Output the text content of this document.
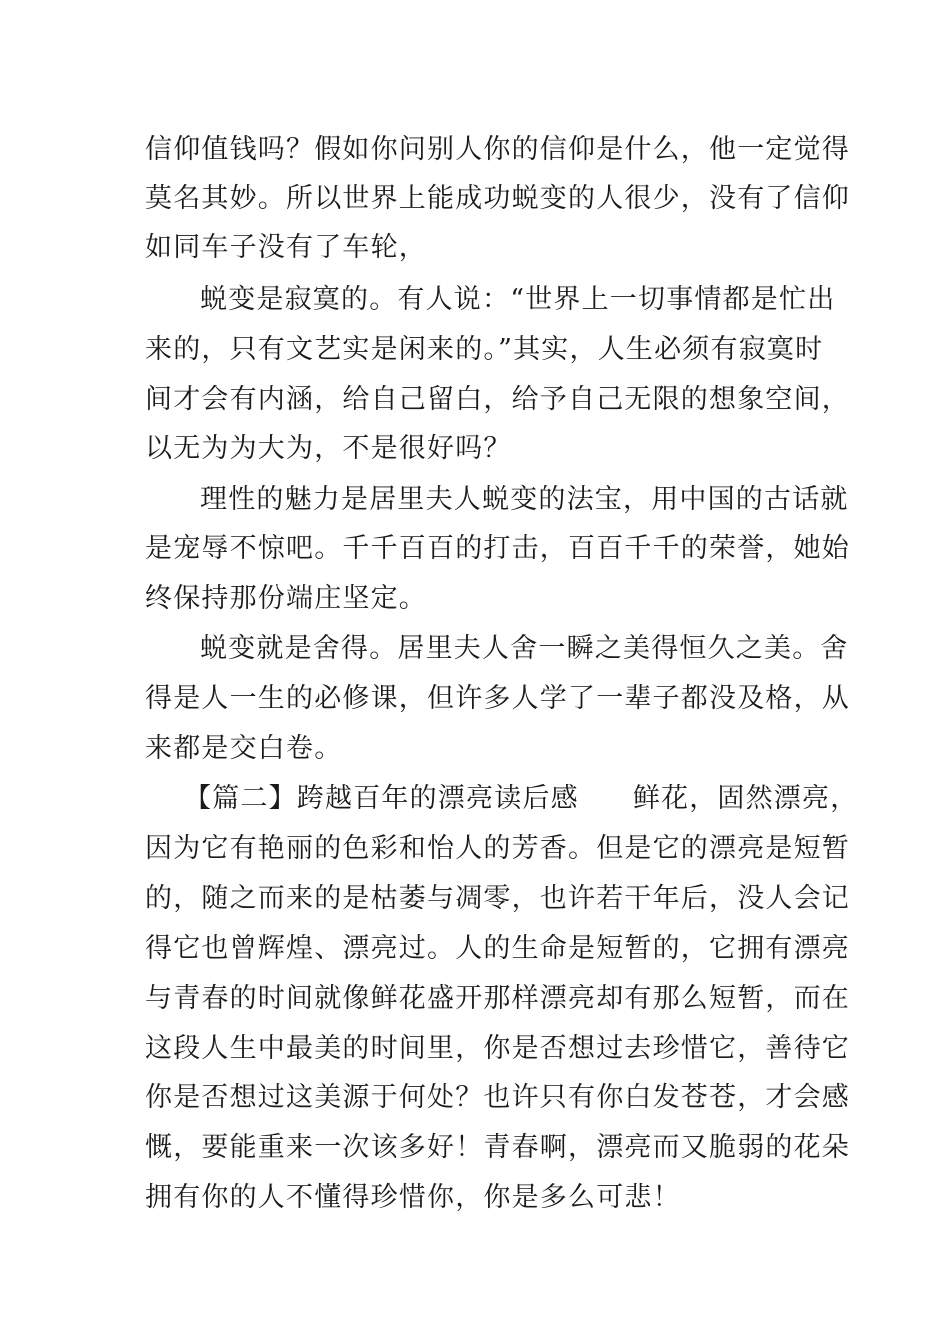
信仰值钱吗？假如你问别人你的信仰是什么，他一定觉得
莫名其妙。所以世界上能成功蜕变的人很少，没有了信仰
如同车子没有了车轮，
蜕变是寂寞的。有人说：“世界上一切事情都是忙出
来的，只有文艺实是闲来的。”其实，人生必须有寂寞时
间才会有内涵，给自己留白，给予自己无限的想象空间，
以无为为大为，不是很好吗？
理性的魅力是居里夫人蜕变的法宝，用中国的古话就
是宠辱不惊吧。千千百百的打击，百百千千的荣誉，她始
终保持那份端庄坚定。
蜕变就是舍得。居里夫人舍一瞬之美得恒久之美。舍
得是人一生的必修课，但许多人学了一辈子都没及格，从
来都是交白卷。
【篇二】跨越百年的漂亮读后感 鲜花，固然漂亮，
因为它有艳丽的色彩和怡人的芳香。但是它的漂亮是短暂
的，随之而来的是枯萎与凋零，也许若干年后，没人会记
得它也曾辉煌、漂亮过。人的生命是短暂的，它拥有漂亮
与青春的时间就像鲜花盛开那样漂亮却有那么短暂，而在
这段人生中最美的时间里，你是否想过去珍惜它，善待它
你是否想过这美源于何处？也许只有你白发苍苍，才会感
慨，要能重来一次该多好！青春啊，漂亮而又脆弱的花朵
拥有你的人不懂得珍惜你，你是多么可悲！
